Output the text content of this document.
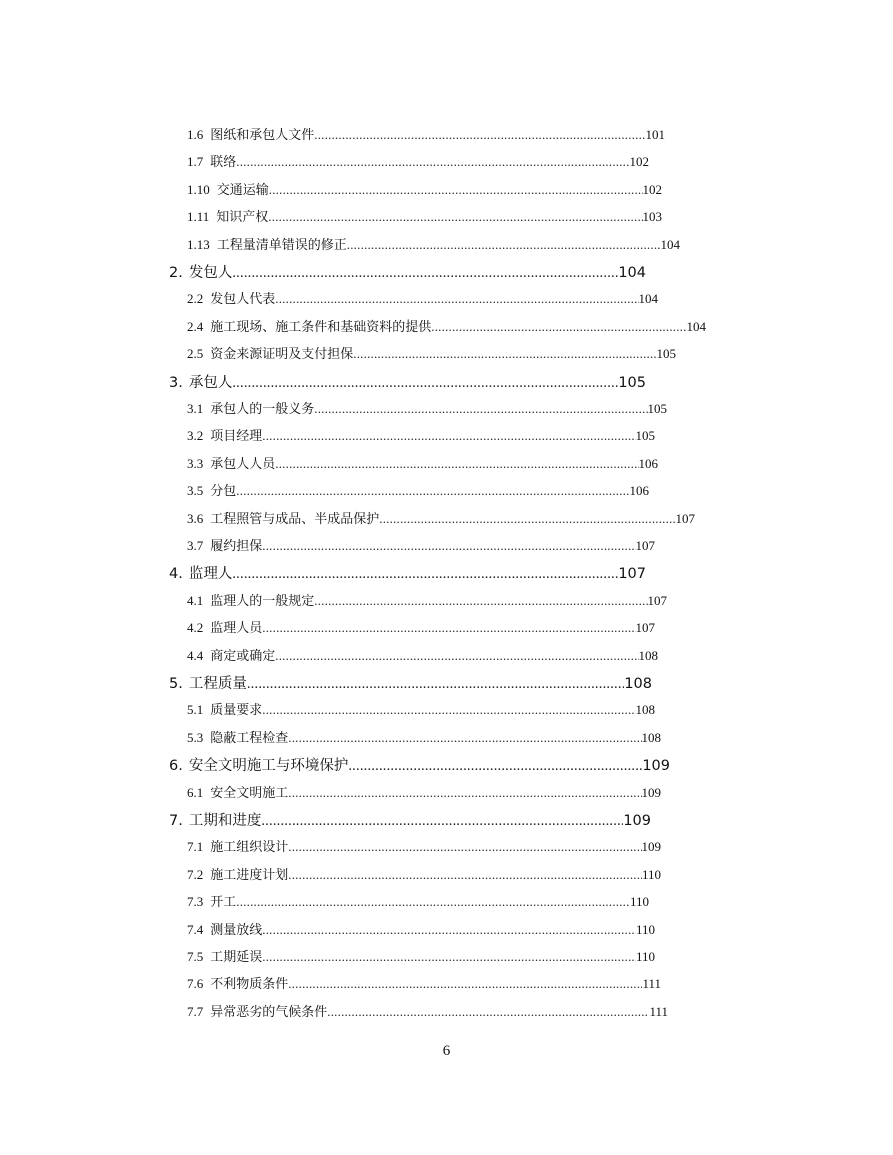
1.6 图纸和承包人文件 .....	101
1.7 联络 .....	102
1.10 交通运输 .....	102
1.11 知识产权 .....	103
1.13 工程量清单错误的修正 .....	104
2. 发包人 .....	104
2.2 发包人代表 .....	104
2.4 施工现场、施工条件和基础资料的提供 .....	104
2.5 资金来源证明及支付担保 .....	105
3. 承包人 .....	105
3.1 承包人的一般义务 .....	105
3.2 项目经理 .....	105
3.3 承包人人员 .....	106
3.5 分包 .....	106
3.6 工程照管与成品、半成品保护 .....	107
3.7 履约担保 .....	107
4. 监理人 .....	107
4.1 监理人的一般规定 .....	107
4.2 监理人员 .....	107
4.4 商定或确定 .....	108
5. 工程质量 .....	108
5.1 质量要求 .....	108
5.3 隐蔽工程检查 .....	108
6. 安全文明施工与环境保护 .....	109
6.1 安全文明施工 .....	109
7. 工期和进度 .....	109
7.1 施工组织设计 .....	109
7.2 施工进度计划 .....	110
7.3 开工 .....	110
7.4 测量放线 .....	110
7.5 工期延误 .....	110
7.6 不利物质条件 .....	111
7.7 异常恶劣的气候条件 .....	111
6
